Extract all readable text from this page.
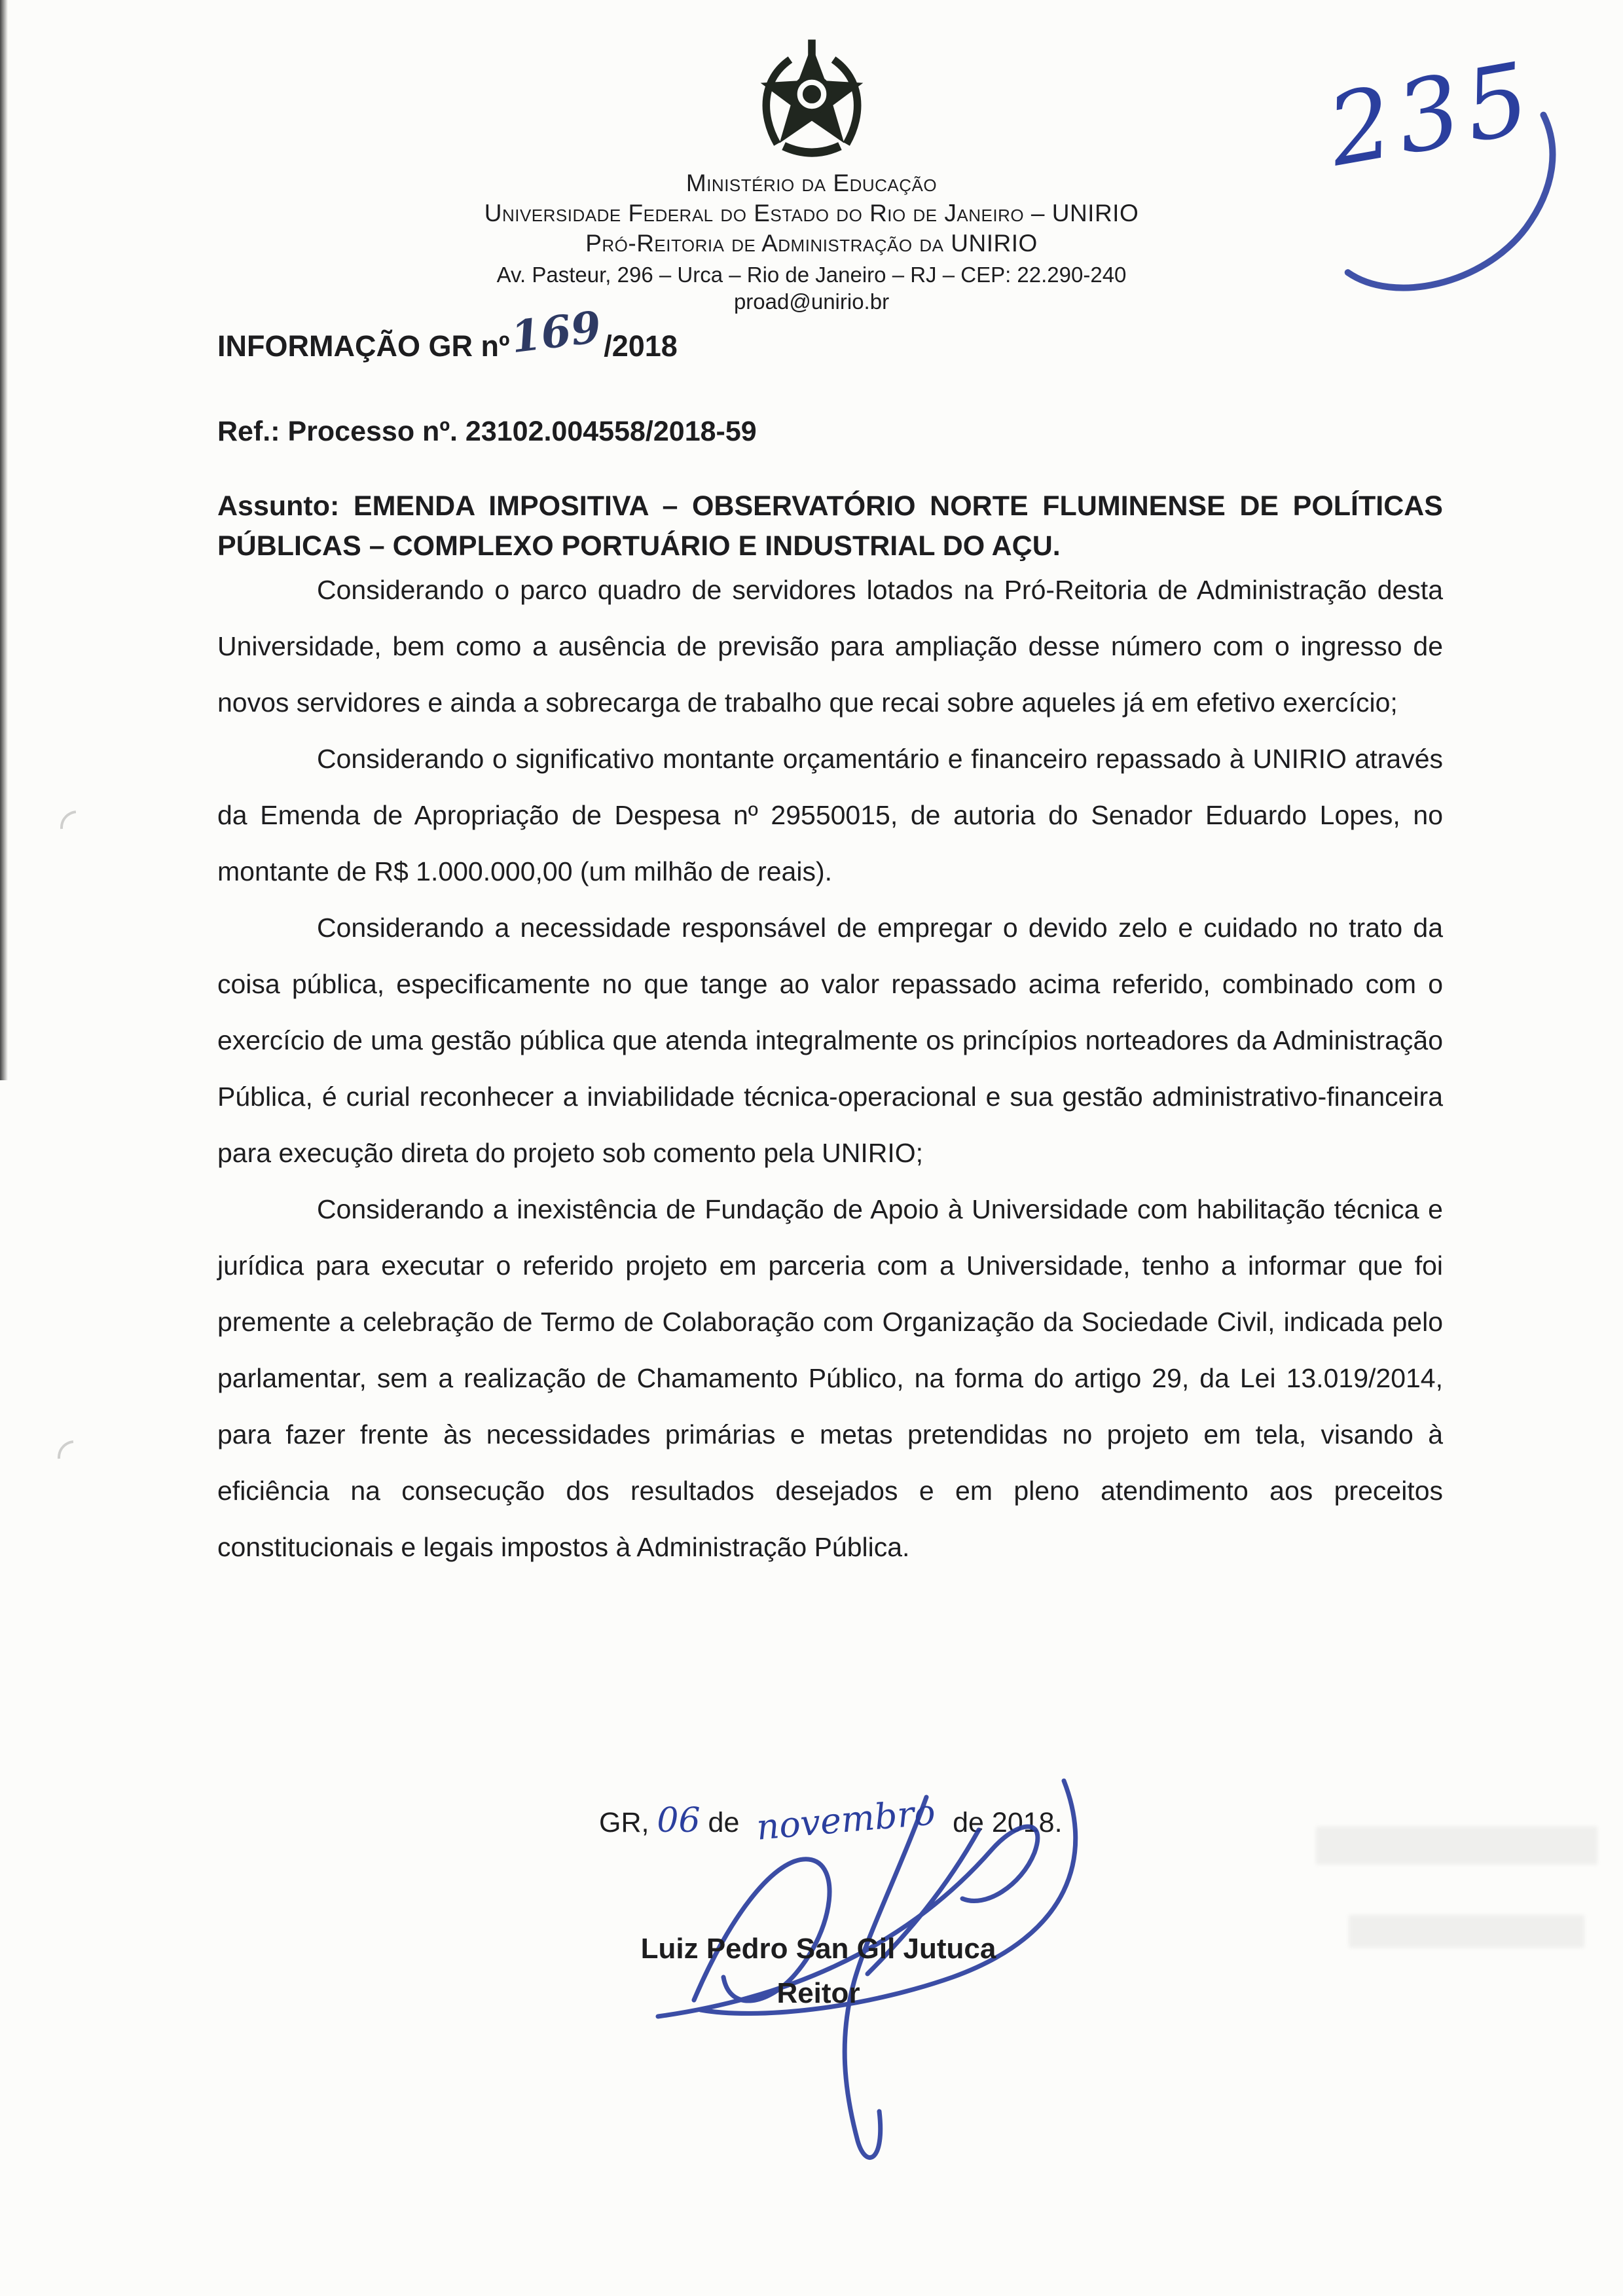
235
Ministério da Educação
Universidade Federal do Estado do Rio de Janeiro – UNIRIO
Pró-Reitoria de Administração da UNIRIO
Av. Pasteur, 296 – Urca – Rio de Janeiro – RJ – CEP: 22.290-240
proad@unirio.br
INFORMAÇÃO GR nº169/2018

Ref.: Processo nº. 23102.004558/2018-59

Assunto: EMENDA IMPOSITIVA – OBSERVATÓRIO NORTE FLUMINENSE DE POLÍTICAS PÚBLICAS – COMPLEXO PORTUÁRIO E INDUSTRIAL DO AÇU.

Considerando o parco quadro de servidores lotados na Pró-Reitoria de Administração desta Universidade, bem como a ausência de previsão para ampliação desse número com o ingresso de novos servidores e ainda a sobrecarga de trabalho que recai sobre aqueles já em efetivo exercício;

Considerando o significativo montante orçamentário e financeiro repassado à UNIRIO através da Emenda de Apropriação de Despesa nº 29550015, de autoria do Senador Eduardo Lopes, no montante de R$ 1.000.000,00 (um milhão de reais).

Considerando a necessidade responsável de empregar o devido zelo e cuidado no trato da coisa pública, especificamente no que tange ao valor repassado acima referido, combinado com o exercício de uma gestão pública que atenda integralmente os princípios norteadores da Administração Pública, é curial reconhecer a inviabilidade técnica-operacional e sua gestão administrativo-financeira para execução direta do projeto sob comento pela UNIRIO;

Considerando a inexistência de Fundação de Apoio à Universidade com habilitação técnica e jurídica para executar o referido projeto em parceria com a Universidade, tenho a informar que foi premente a celebração de Termo de Colaboração com Organização da Sociedade Civil, indicada pelo parlamentar, sem a realização de Chamamento Público, na forma do artigo 29, da Lei 13.019/2014, para fazer frente às necessidades primárias e metas pretendidas no projeto em tela, visando à eficiência na consecução dos resultados desejados e em pleno atendimento aos preceitos constitucionais e legais impostos à Administração Pública.

GR, 06 de novembro de 2018.
Luiz Pedro San Gil Jutuca
Reitor
